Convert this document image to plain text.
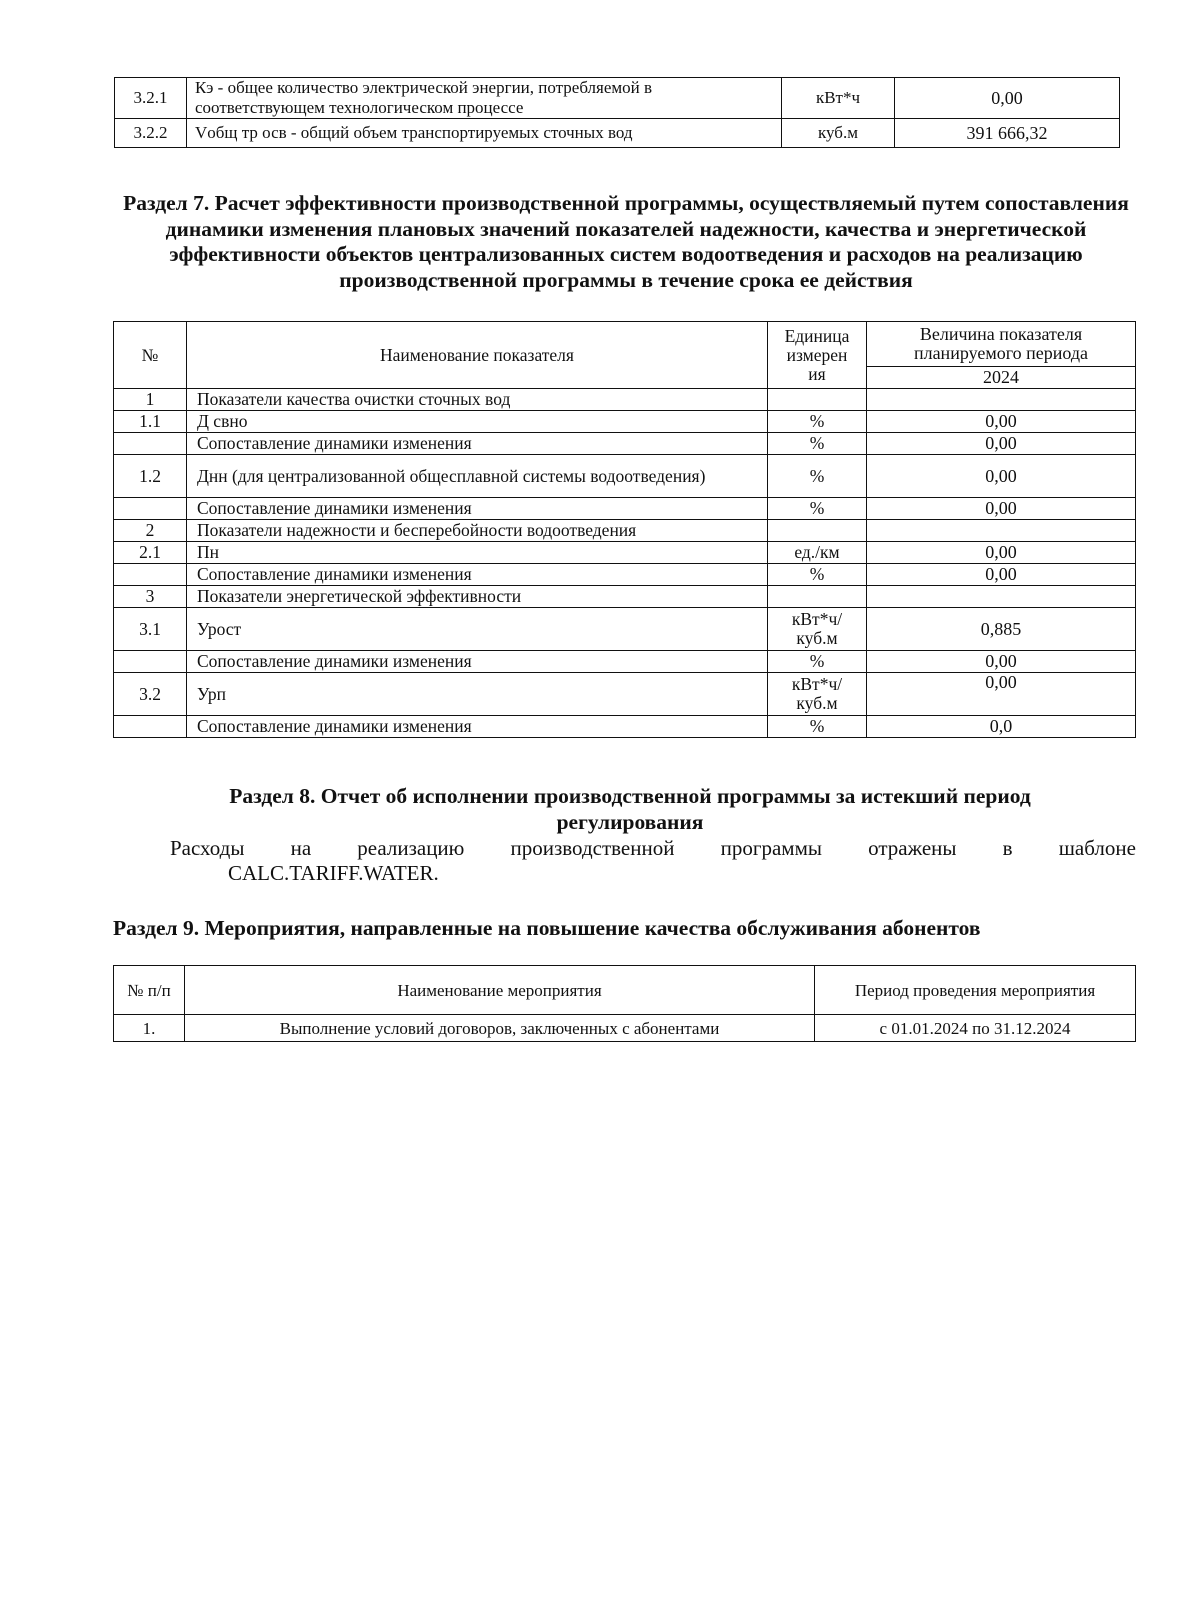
3.2.1	Кэ - общее количество электрической энергии, потребляемой в соответствующем технологическом процессе	кВт*ч	0,00
3.2.2	Vобщ тр осв - общий объем транспортируемых сточных вод	куб.м	391 666,32
Раздел 7. Расчет эффективности производственной программы, осуществляемый путем сопоставления динамики изменения плановых значений показателей надежности, качества и энергетической эффективности объектов централизованных систем водоотведения и расходов на реализацию производственной программы в течение срока ее действия
№	Наименование показателя	Единица измерен ия	Величина показателя планируемого периода
			2024
1	Показатели качества очистки сточных вод		
1.1	Д свно	%	0,00
	Сопоставление динамики изменения	%	0,00
1.2	Днн (для централизованной общесплавной системы водоотведения)	%	0,00
	Сопоставление динамики изменения	%	0,00
2	Показатели надежности и бесперебойности водоотведения		
2.1	Пн	ед./км	0,00
	Сопоставление динамики изменения	%	0,00
3	Показатели энергетической эффективности		
3.1	Урост	кВт*ч/ куб.м	0,885
	Сопоставление динамики изменения	%	0,00
3.2	Урп	кВт*ч/ куб.м	0,00
	Сопоставление динамики изменения	%	0,0
Раздел 8. Отчет об исполнении производственной программы за истекший период регулирования
Расходы на реализацию производственной программы отражены в шаблоне
CALC.TARIFF.WATER.
Раздел 9. Мероприятия, направленные на повышение качества обслуживания абонентов
№ п/п	Наименование мероприятия	Период проведения мероприятия
1.	Выполнение условий договоров, заключенных с абонентами	с 01.01.2024 по 31.12.2024
